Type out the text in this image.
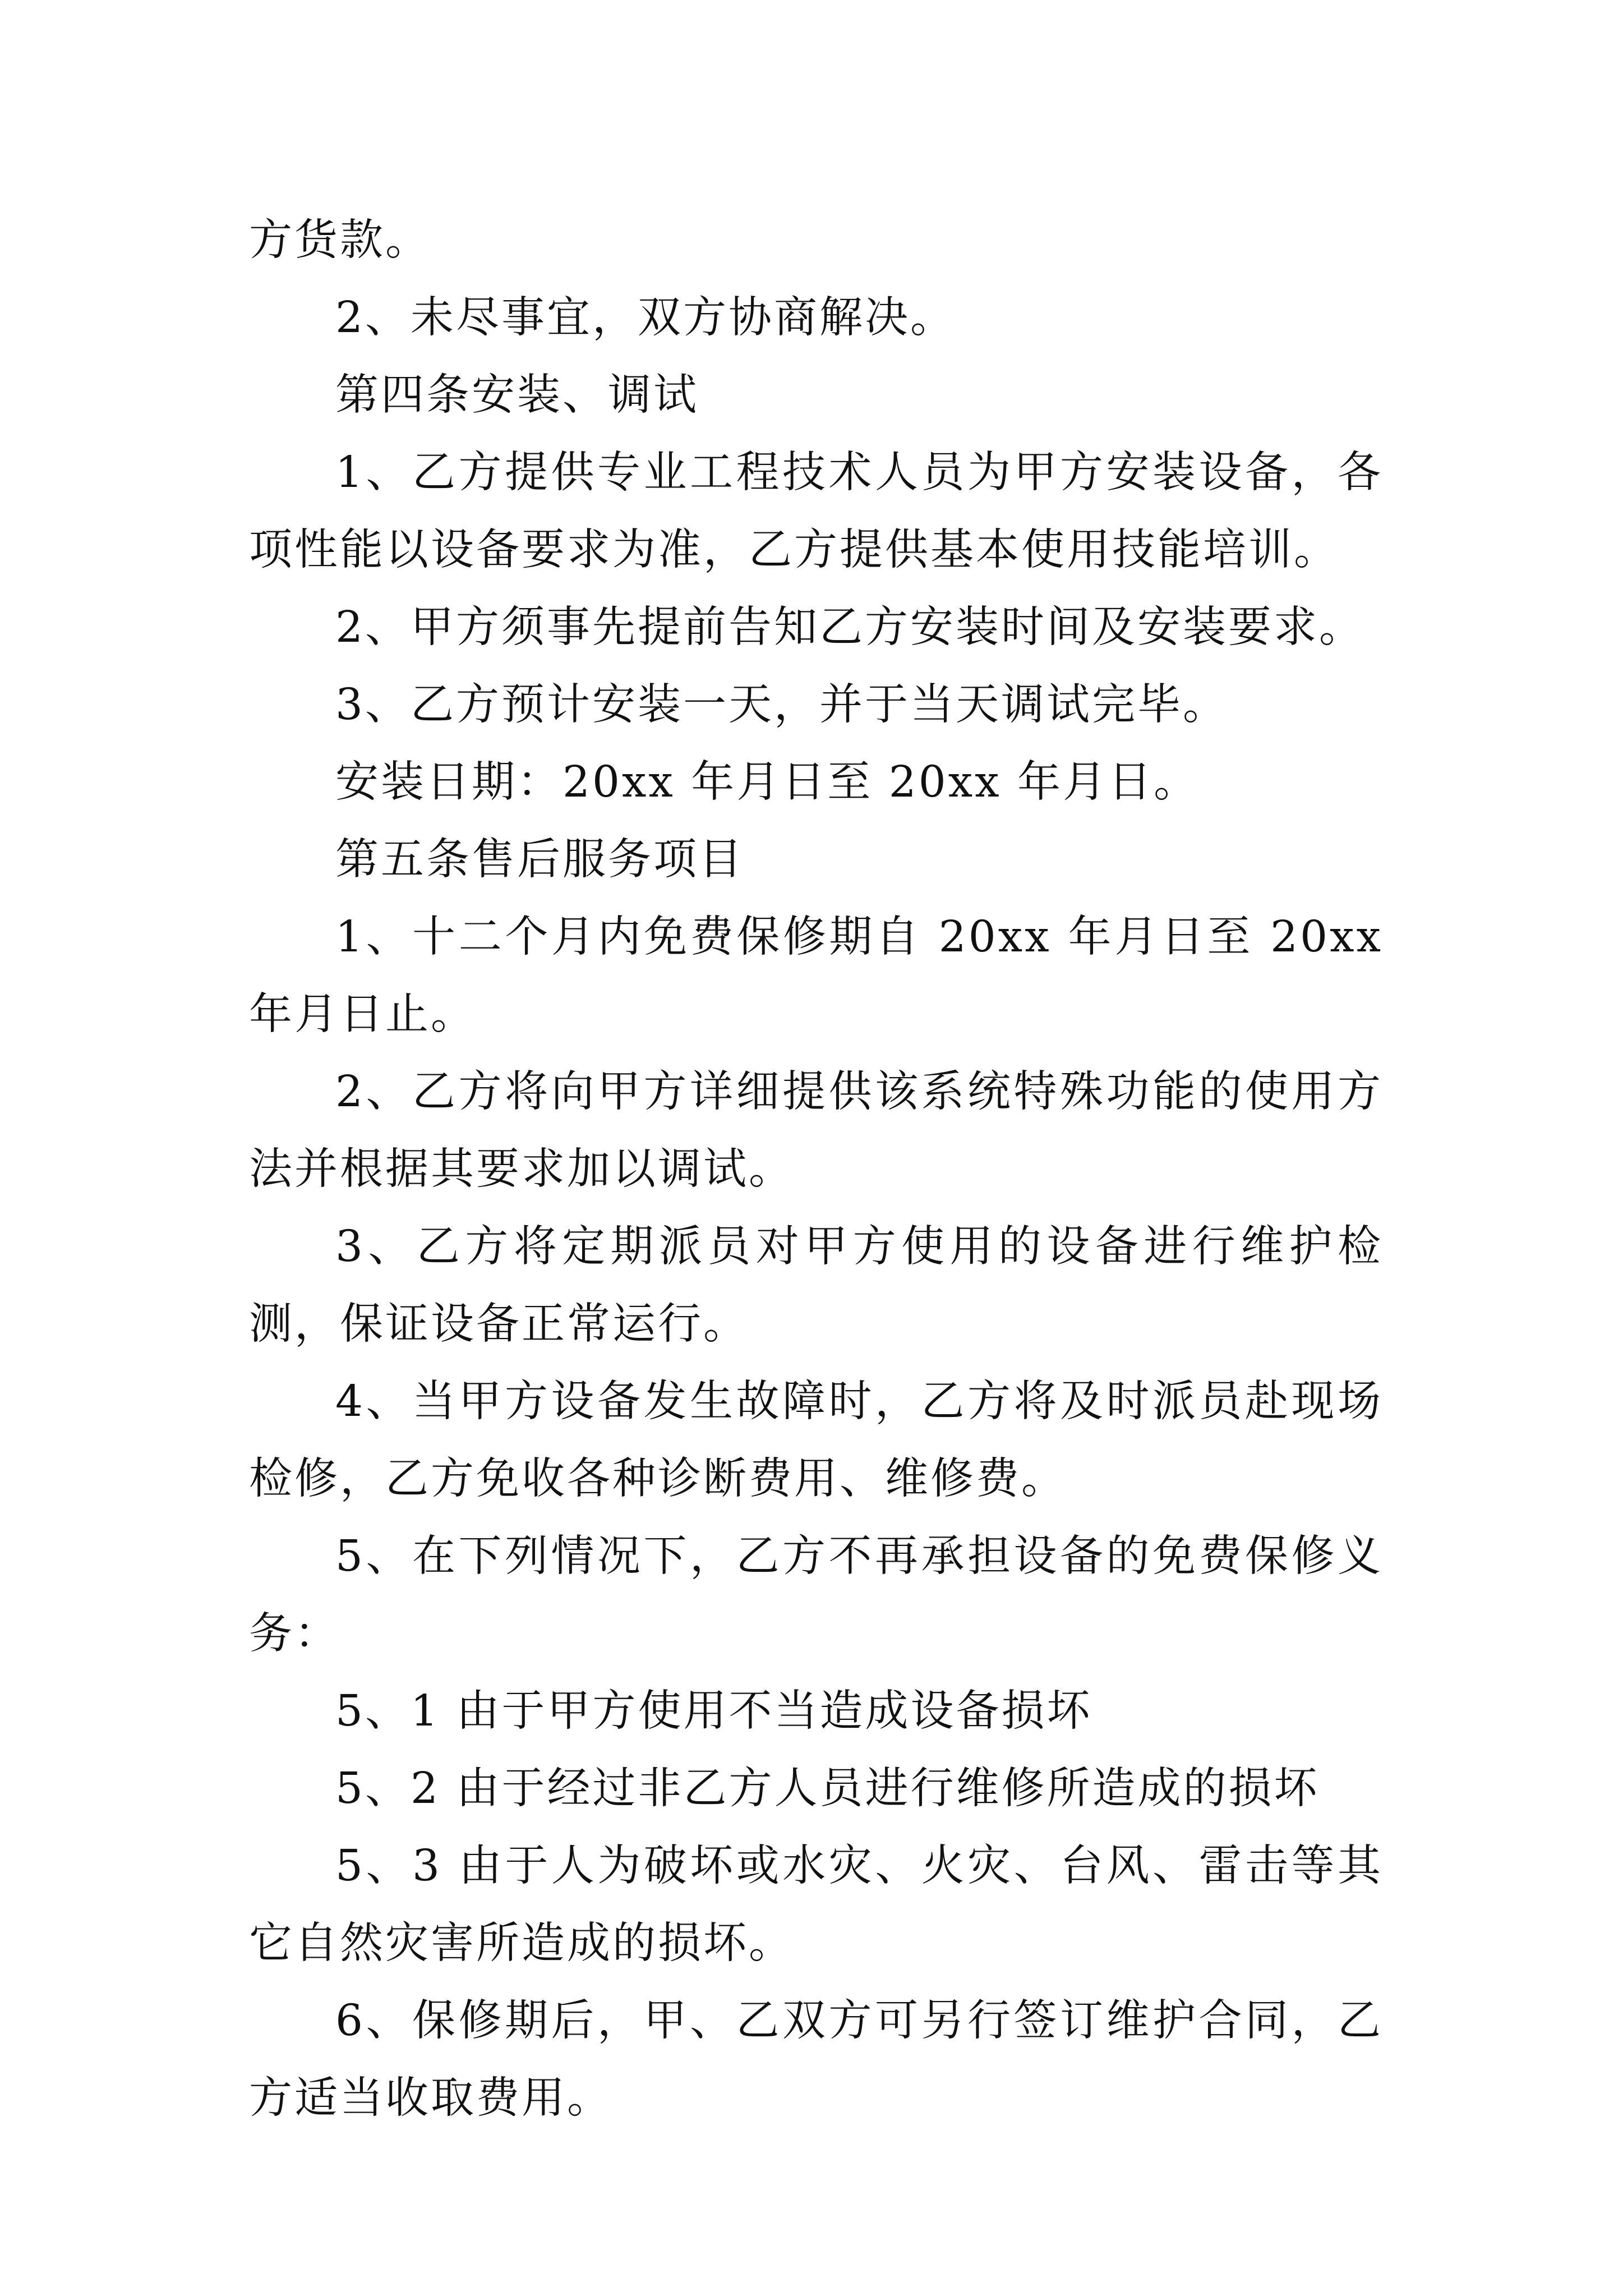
方货款。

2、未尽事宜，双方协商解决。

第四条安装、调试

1、乙方提供专业工程技术人员为甲方安装设备，各项性能以设备要求为准，乙方提供基本使用技能培训。

2、甲方须事先提前告知乙方安装时间及安装要求。

3、乙方预计安装一天，并于当天调试完毕。

安装日期：20xx 年月日至 20xx 年月日。

第五条售后服务项目

1、十二个月内免费保修期自 20xx 年月日至 20xx 年月日止。

2、乙方将向甲方详细提供该系统特殊功能的使用方法并根据其要求加以调试。

3、乙方将定期派员对甲方使用的设备进行维护检测，保证设备正常运行。

4、当甲方设备发生故障时，乙方将及时派员赴现场检修，乙方免收各种诊断费用、维修费。

5、在下列情况下，乙方不再承担设备的免费保修义务：

5、1 由于甲方使用不当造成设备损坏

5、2 由于经过非乙方人员进行维修所造成的损坏

5、3 由于人为破坏或水灾、火灾、台风、雷击等其它自然灾害所造成的损坏。

6、保修期后，甲、乙双方可另行签订维护合同，乙方适当收取费用。
